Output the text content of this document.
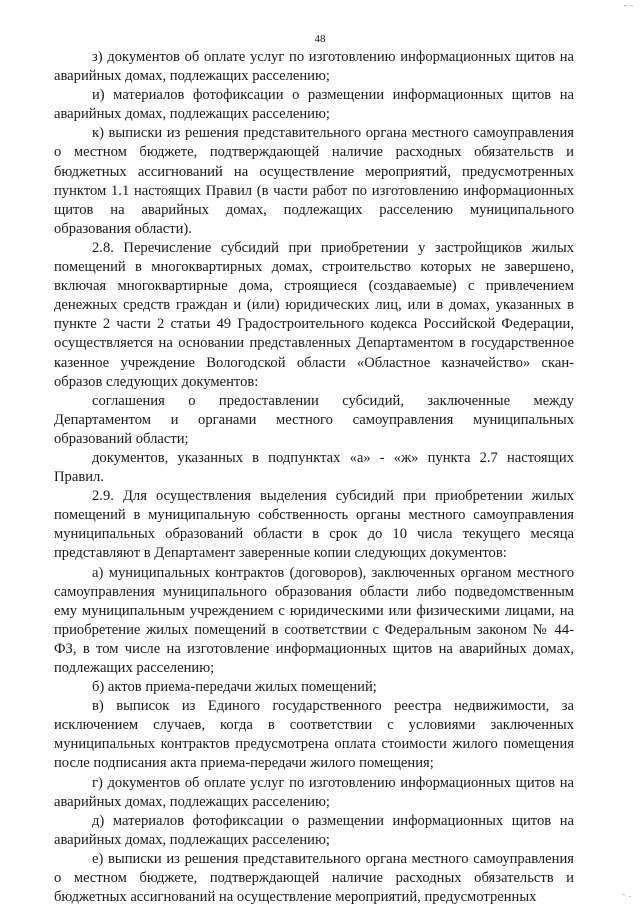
- -
48

з) документов об оплате услуг по изготовлению информационных щитов на аварийных домах, подлежащих расселению;

и) материалов фотофиксации о размещении информационных щитов на аварийных домах, подлежащих расселению;

к) выписки из решения представительного органа местного самоуправления о местном бюджете, подтверждающей наличие расходных обязательств и бюджетных ассигнований на осуществление мероприятий, предусмотренных пунктом 1.1 настоящих Правил (в части работ по изготовлению информационных щитов на аварийных домах, подлежащих расселению муниципального образования области).

2.8. Перечисление субсидий при приобретении у застройщиков жилых помещений в многоквартирных домах, строительство которых не завершено, включая многоквартирные дома, строящиеся (создаваемые) с привлечением денежных средств граждан и (или) юридических лиц, или в домах, указанных в пункте 2 части 2 статьи 49 Градостроительного кодекса Российской Федерации, осуществляется на основании представленных Департаментом в государственное казенное учреждение Вологодской области «Областное казначейство» скан-образов следующих документов:

соглашения о предоставлении субсидий, заключенные между Департаментом и органами местного самоуправления муниципальных образований области;

документов, указанных в подпунктах «а» - «ж» пункта 2.7 настоящих Правил.

2.9. Для осуществления выделения субсидий при приобретении жилых помещений в муниципальную собственность органы местного самоуправления муниципальных образований области в срок до 10 числа текущего месяца представляют в Департамент заверенные копии следующих документов:

а) муниципальных контрактов (договоров), заключенных органом местного самоуправления муниципального образования области либо подведомственным ему муниципальным учреждением с юридическими или физическими лицами, на приобретение жилых помещений в соответствии с Федеральным законом № 44-ФЗ, в том числе на изготовление информационных щитов на аварийных домах, подлежащих расселению;

б) актов приема-передачи жилых помещений;

в) выписок из Единого государственного реестра недвижимости, за исключением случаев, когда в соответствии с условиями заключенных муниципальных контрактов предусмотрена оплата стоимости жилого помещения после подписания акта приема-передачи жилого помещения;

г) документов об оплате услуг по изготовлению информационных щитов на аварийных домах, подлежащих расселению;

д) материалов фотофиксации о размещении информационных щитов на аварийных домах, подлежащих расселению;

е) выписки из решения представительного органа местного самоуправления о местном бюджете, подтверждающей наличие расходных обязательств и бюджетных ассигнований на осуществление мероприятий, предусмотренных	- .
